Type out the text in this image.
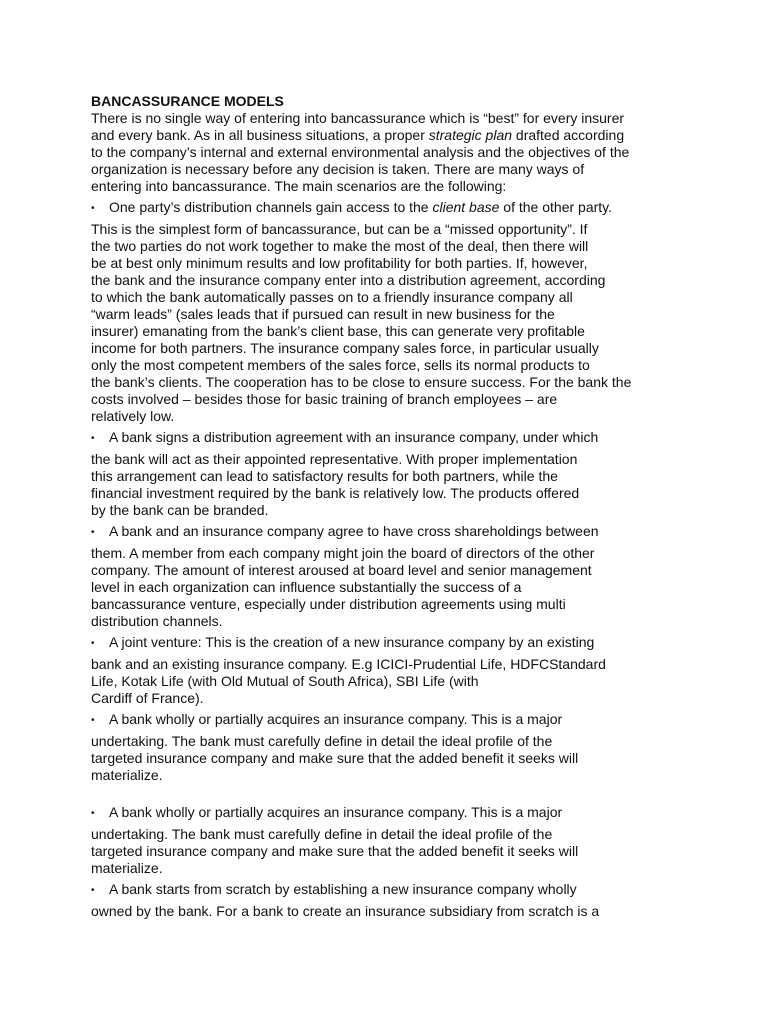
BANCASSURANCE MODELS

There is no single way of entering into bancassurance which is “best” for every insurer

and every bank. As in all business situations, a proper strategic plan drafted according

to the company’s internal and external environmental analysis and the objectives of the

organization is necessary before any decision is taken. There are many ways of

entering into bancassurance. The main scenarios are the following:

• One party’s distribution channels gain access to the client base of the other party.

This is the simplest form of bancassurance, but can be a “missed opportunity”. If

the two parties do not work together to make the most of the deal, then there will

be at best only minimum results and low profitability for both parties. If, however,

the bank and the insurance company enter into a distribution agreement, according

to which the bank automatically passes on to a friendly insurance company all

“warm leads” (sales leads that if pursued can result in new business for the

insurer) emanating from the bank’s client base, this can generate very profitable

income for both partners. The insurance company sales force, in particular usually

only the most competent members of the sales force, sells its normal products to

the bank’s clients. The cooperation has to be close to ensure success. For the bank the

costs involved – besides those for basic training of branch employees – are

relatively low.

• A bank signs a distribution agreement with an insurance company, under which

the bank will act as their appointed representative. With proper implementation

this arrangement can lead to satisfactory results for both partners, while the

financial investment required by the bank is relatively low. The products offered

by the bank can be branded.

• A bank and an insurance company agree to have cross shareholdings between

them. A member from each company might join the board of directors of the other

company. The amount of interest aroused at board level and senior management

level in each organization can influence substantially the success of a

bancassurance venture, especially under distribution agreements using multi

distribution channels.

• A joint venture: This is the creation of a new insurance company by an existing

bank and an existing insurance company. E.g ICICI-Prudential Life, HDFCStandard

Life, Kotak Life (with Old Mutual of South Africa), SBI Life (with

Cardiff of France).

• A bank wholly or partially acquires an insurance company. This is a major

undertaking. The bank must carefully define in detail the ideal profile of the

targeted insurance company and make sure that the added benefit it seeks will

materialize.

• A bank wholly or partially acquires an insurance company. This is a major

undertaking. The bank must carefully define in detail the ideal profile of the

targeted insurance company and make sure that the added benefit it seeks will

materialize.

• A bank starts from scratch by establishing a new insurance company wholly

owned by the bank. For a bank to create an insurance subsidiary from scratch is a
